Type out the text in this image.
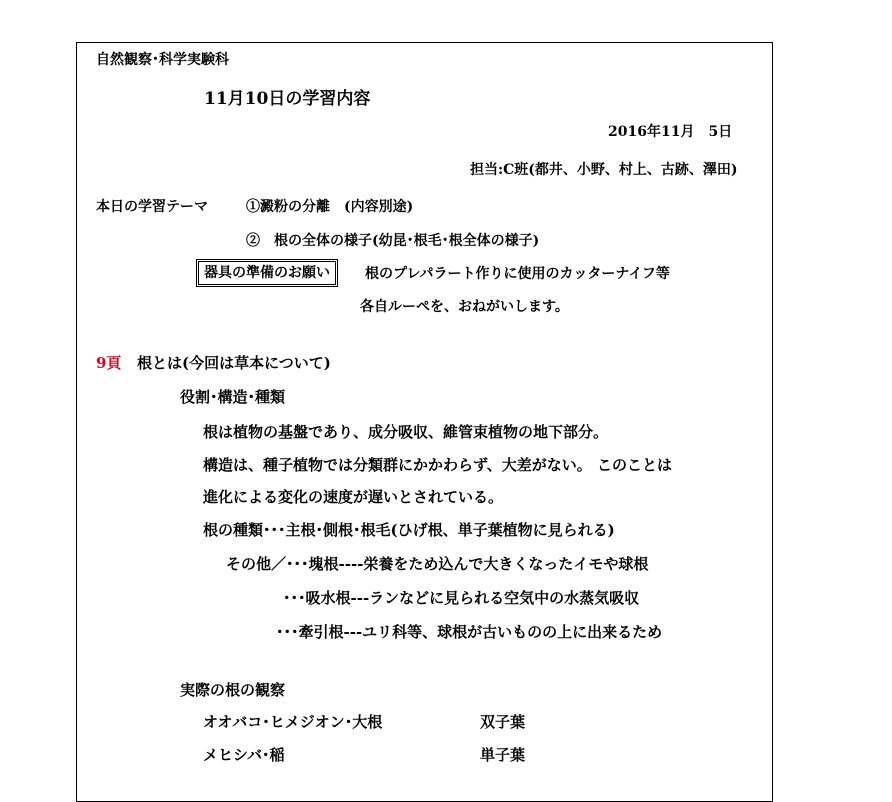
自然観察･科学実験科
11月10日の学習内容
2016年11月　5日
担当:C班(都井、小野、村上、古跡、澤田)
本日の学習テーマ	①澱粉の分離　(内容別途)
②　根の全体の様子(幼昆･根毛･根全体の様子)
器具の準備のお願い	根のプレパラート作りに使用のカッターナイフ等
各自ルーペを、おねがいします。
9頁 根とは(今回は草本について)
役割･構造･種類
根は植物の基盤であり、成分吸収、維管束植物の地下部分。
構造は、種子植物では分類群にかかわらず、大差がない。 このことは
進化による変化の速度が遅いとされている。
根の種類･･･主根･側根･根毛(ひげ根、単子葉植物に見られる)
その他／･･･塊根----栄養をため込んで大きくなったイモや球根
･･･吸水根---ランなどに見られる空気中の水蒸気吸収
･･･牽引根---ユリ科等、球根が古いものの上に出来るため
実際の根の観察
オオバコ･ヒメジオン･大根	双子葉
メヒシバ･稲	単子葉
